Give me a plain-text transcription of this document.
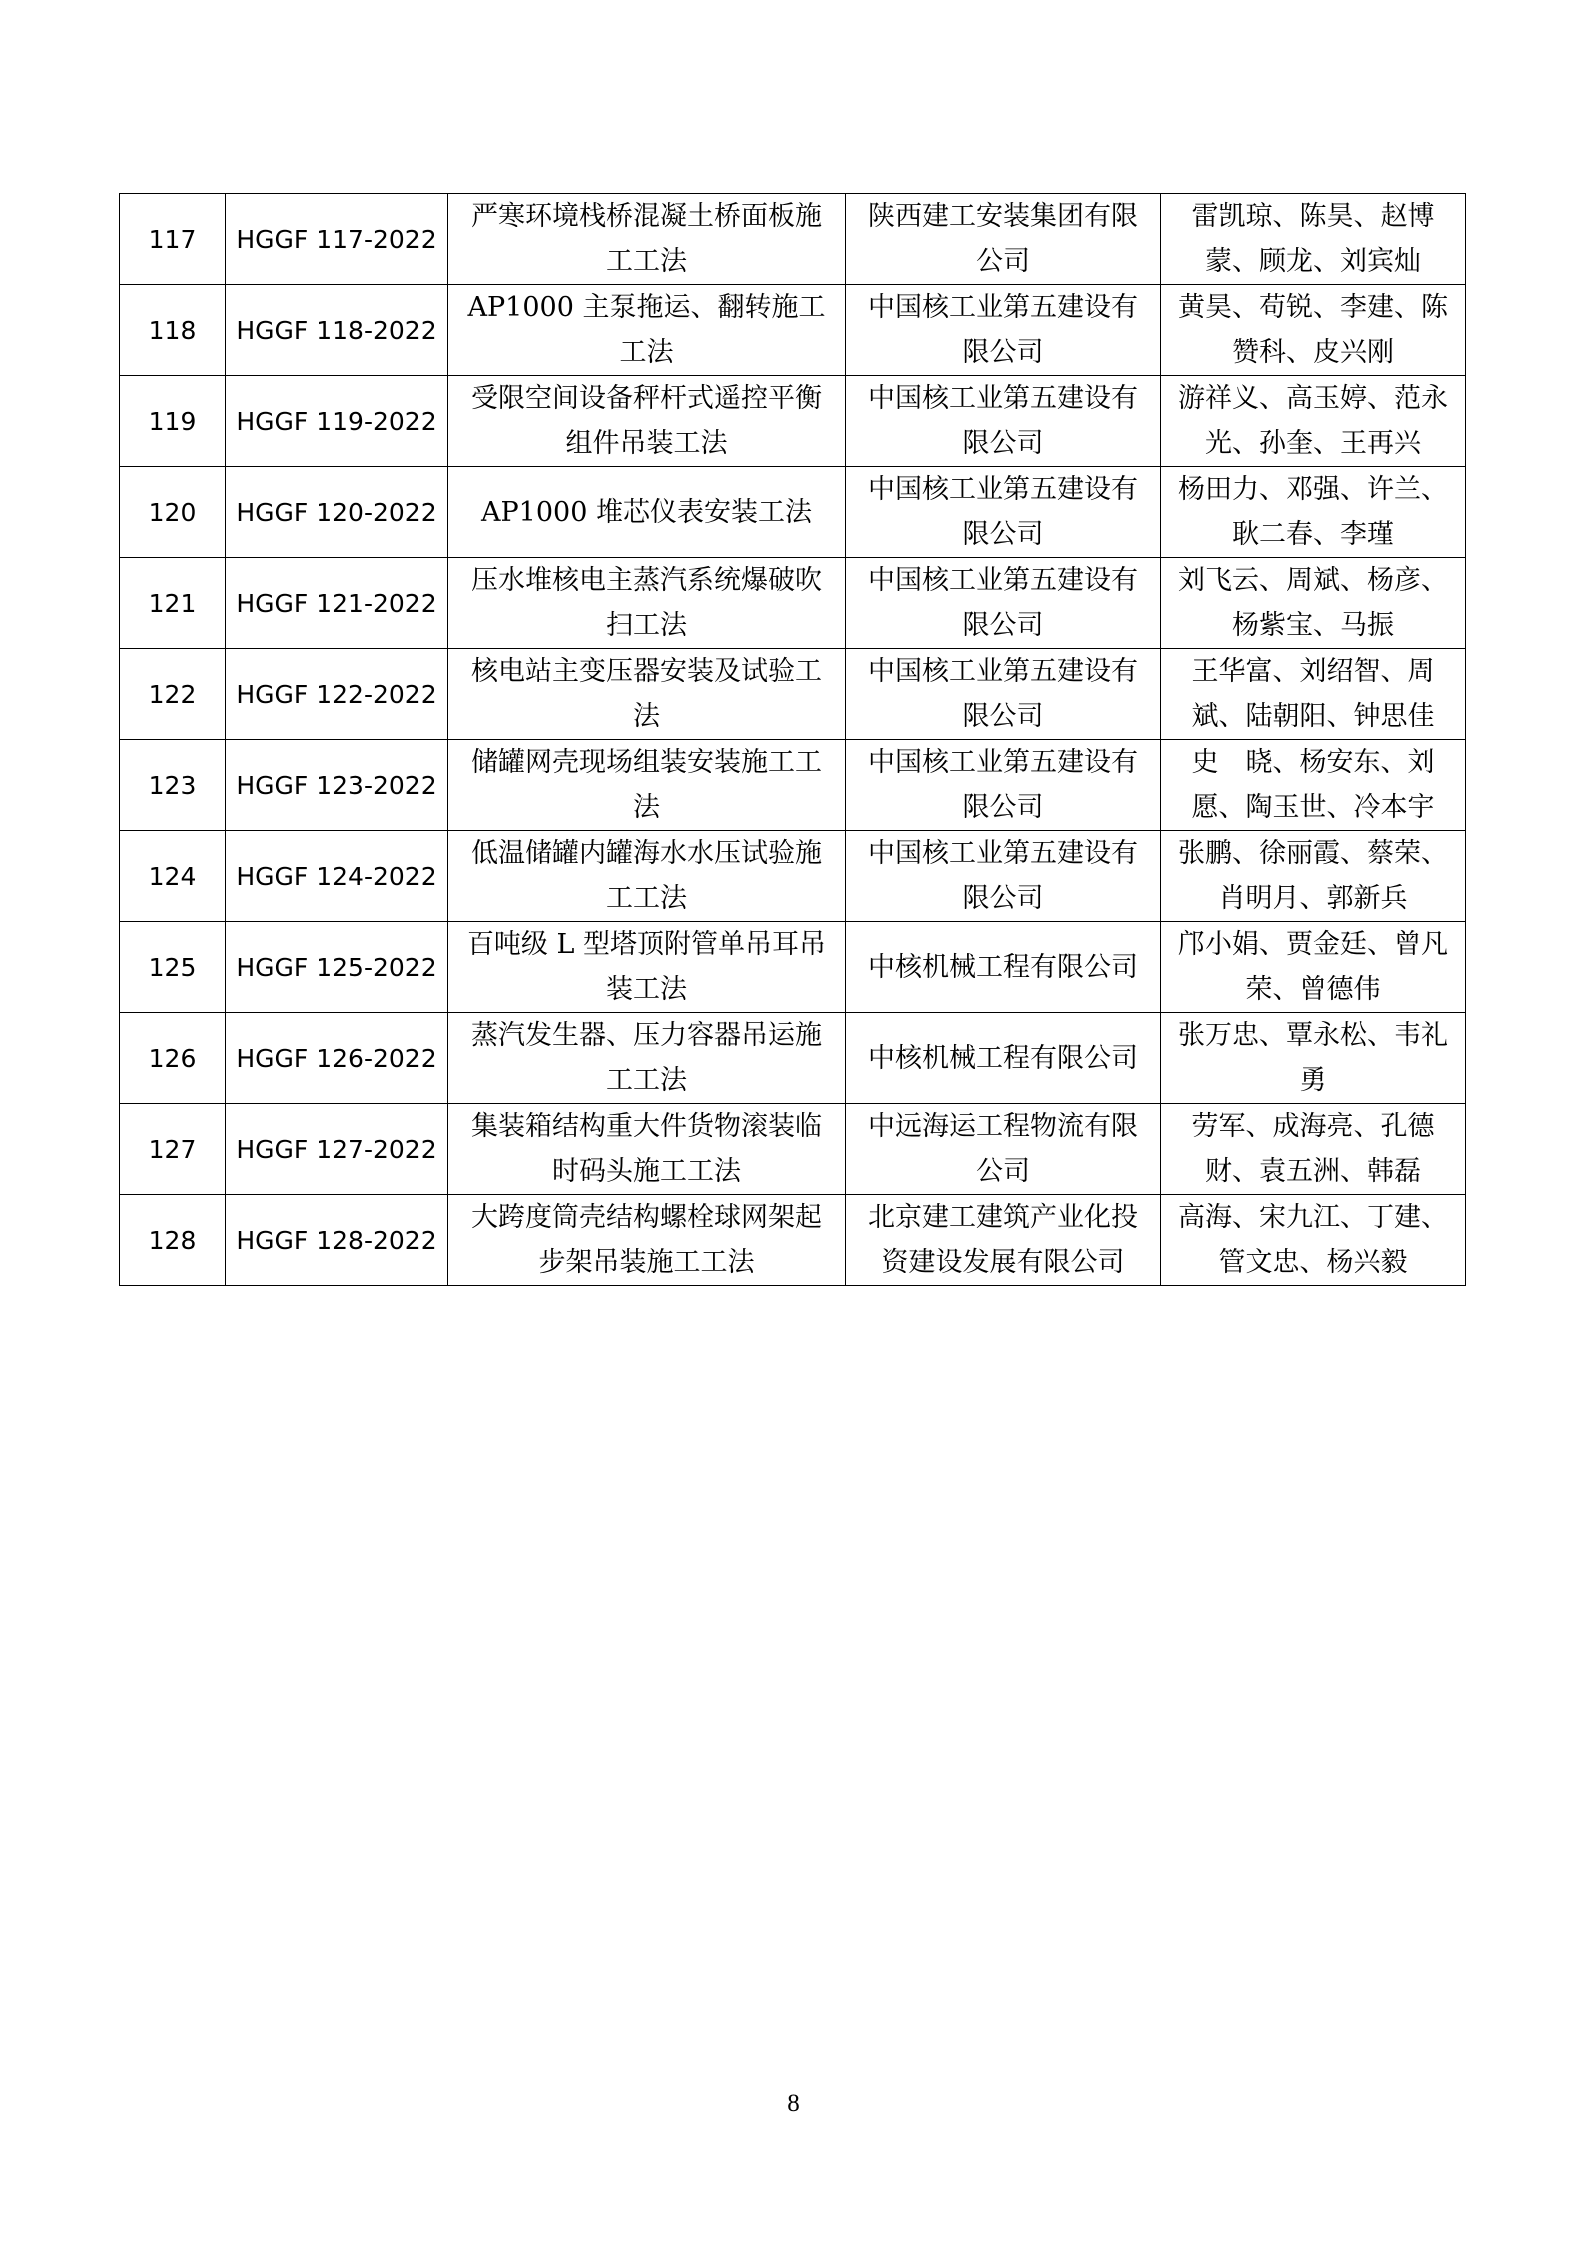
117	HGGF 117-2022	严寒环境栈桥混凝土桥面板施工工法	陕西建工安装集团有限公司	雷凯琼、陈昊、赵博蒙、顾龙、刘宾灿
118	HGGF 118-2022	AP1000 主泵拖运、翻转施工工法	中国核工业第五建设有限公司	黄昊、苟锐、李建、陈赞科、皮兴刚
119	HGGF 119-2022	受限空间设备秤杆式遥控平衡组件吊装工法	中国核工业第五建设有限公司	游祥义、高玉婷、范永光、孙奎、王再兴
120	HGGF 120-2022	AP1000 堆芯仪表安装工法	中国核工业第五建设有限公司	杨田力、邓强、许兰、耿二春、李瑾
121	HGGF 121-2022	压水堆核电主蒸汽系统爆破吹扫工法	中国核工业第五建设有限公司	刘飞云、周斌、杨彦、杨紫宝、马振
122	HGGF 122-2022	核电站主变压器安装及试验工法	中国核工业第五建设有限公司	王华富、刘绍智、周斌、陆朝阳、钟思佳
123	HGGF 123-2022	储罐网壳现场组装安装施工工法	中国核工业第五建设有限公司	史　晓、杨安东、刘愿、陶玉世、冷本宇
124	HGGF 124-2022	低温储罐内罐海水水压试验施工工法	中国核工业第五建设有限公司	张鹏、徐丽霞、蔡荣、肖明月、郭新兵
125	HGGF 125-2022	百吨级 L 型塔顶附管单吊耳吊装工法	中核机械工程有限公司	邝小娟、贾金廷、曾凡荣、曾德伟
126	HGGF 126-2022	蒸汽发生器、压力容器吊运施工工法	中核机械工程有限公司	张万忠、覃永松、韦礼勇
127	HGGF 127-2022	集装箱结构重大件货物滚装临时码头施工工法	中远海运工程物流有限公司	劳军、成海亮、孔德财、袁五洲、韩磊
128	HGGF 128-2022	大跨度筒壳结构螺栓球网架起步架吊装施工工法	北京建工建筑产业化投资建设发展有限公司	高海、宋九江、丁建、管文忠、杨兴毅
8
